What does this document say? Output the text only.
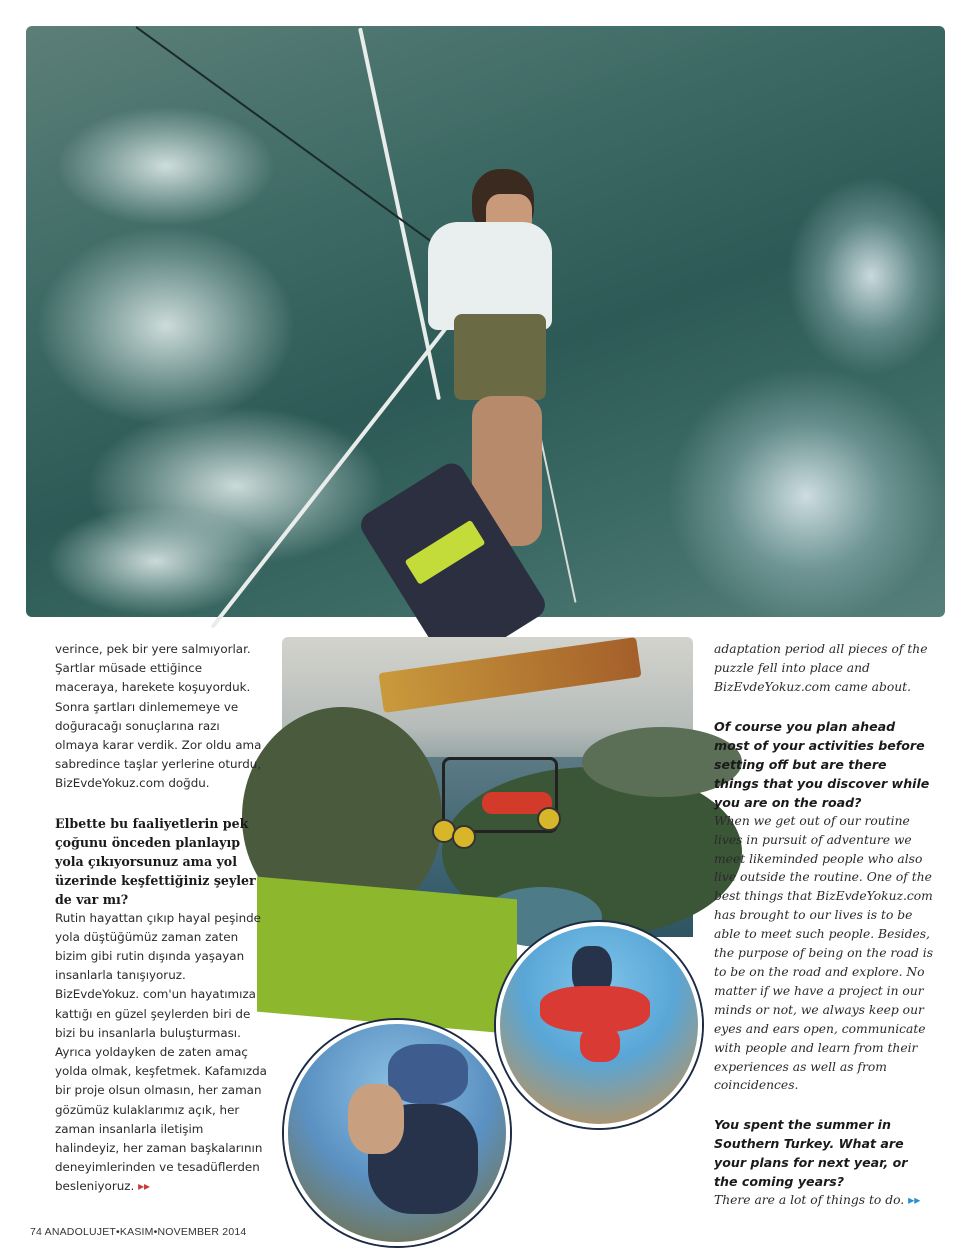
◜

verince, pek bir yere salmıyorlar. Şartlar müsade ettiğince maceraya, harekete koşuyorduk. Sonra şartları dinlememeye ve doğuracağı sonuçlarına razı olmaya karar verdik. Zor oldu ama sabredince taşlar yerlerine oturdu, BizEvdeYokuz.com doğdu.

Elbette bu faaliyetlerin pek çoğunu önceden planlayıp yola çıkıyorsunuz ama yol üzerinde keşfettiğiniz şeyler de var mı?

Rutin hayattan çıkıp hayal peşinde yola düştüğümüz zaman zaten bizim gibi rutin dışında yaşayan insanlarla tanışıyoruz. BizEvdeYokuz. com'un hayatımıza kattığı en güzel şeylerden biri de bizi bu insanlarla buluşturması. Ayrıca yoldayken de zaten amaç yolda olmak, keşfetmek. Kafamızda bir proje olsun olmasın, her zaman gözümüz kulaklarımız açık, her zaman insanlarla iletişim halindeyiz, her zaman başkalarının deneyimlerinden ve tesadüflerden besleniyoruz. ▸▸

adaptation period all pieces of the puzzle fell into place and BizEvdeYokuz.com came about.

Of course you plan ahead most of your activities before setting off but are there things that you discover while you are on the road?

When we get out of our routine lives in pursuit of adventure we meet likeminded people who also live outside the routine. One of the best things that BizEvdeYokuz.com has brought to our lives is to be able to meet such people. Besides, the purpose of being on the road is to be on the road and explore. No matter if we have a project in our minds or not, we always keep our eyes and ears open, communicate with people and learn from their experiences as well as from coincidences.

You spent the summer in Southern Turkey. What are your plans for next year, or the coming years?

There are a lot of things to do. ▸▸

74 ANADOLUJET•KASIM•NOVEMBER 2014
